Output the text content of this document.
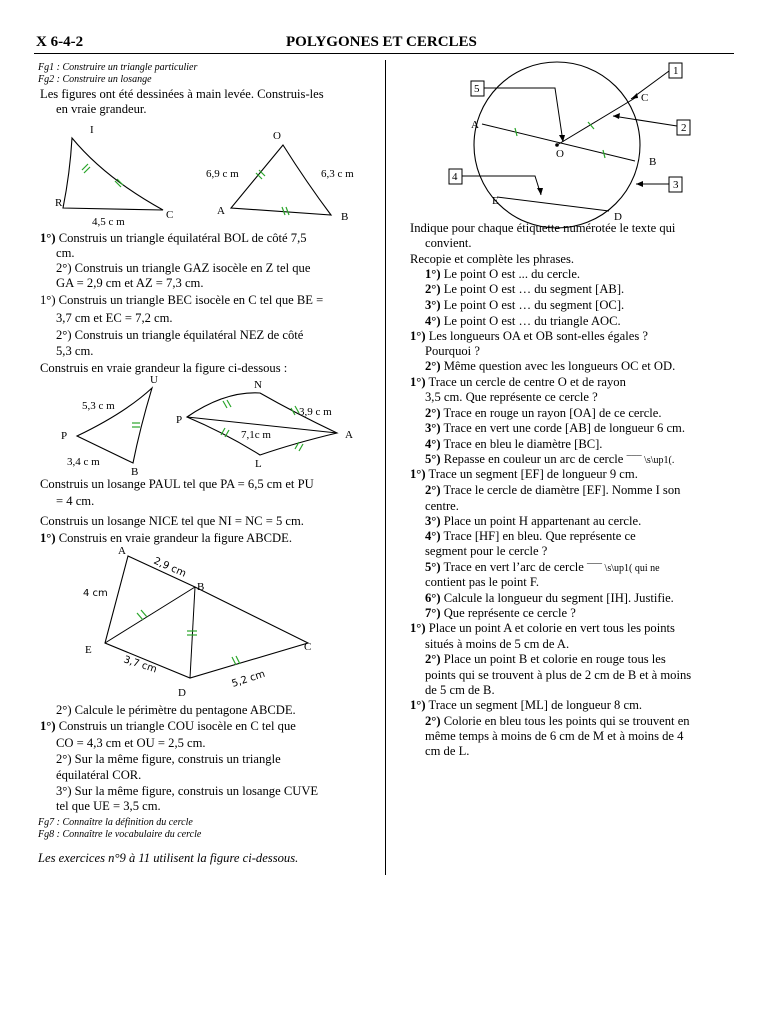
X 6-4-2	POLYGONES ET CERCLES
Fg1 : Construire un triangle particulier
Fg2 : Construire un losange
Les figures ont été dessinées à main levée. Construis-les
en vraie grandeur.
I
R
C
4,5 c m
O
A	B
6,9 c m	6,3 c m
1°) Construis un triangle équilatéral BOL de côté 7,5
cm.
2°) Construis un triangle GAZ isocèle en Z tel que
GA = 2,9 cm et AZ = 7,3 cm.
1°) Construis un triangle BEC isocèle en C tel que BE =
3,7 cm et EC = 7,2 cm.
2°) Construis un triangle équilatéral NEZ de côté
5,3 cm.
Construis en vraie grandeur la figure ci-dessous :
U
P
B
5,3 c m
3,4 c m
N
P
A
L
3,9 c m
7,1c m
Construis un losange PAUL tel que PA = 6,5 cm et PU
= 4 cm.
Construis un losange NICE tel que NI = NC = 5 cm.
1°) Construis en vraie grandeur la figure ABCDE.
A
B
C
D
E
2,9 cm
4 cm
3,7 cm
5,2 cm
2°) Calcule le périmètre du pentagone ABCDE.
1°) Construis un triangle COU isocèle en C tel que
CO = 4,3 cm et OU = 2,5 cm.
2°) Sur la même figure, construis un triangle
équilatéral COR.
3°) Sur la même figure, construis un losange CUVE
tel que UE = 3,5 cm.
Fg7 : Connaître la définition du cercle
Fg8 : Connaître le vocabulaire du cercle
Les exercices n°9 à 11 utilisent la figure ci-dessous.
1
5
2
4
3
A
B
C
D
E
O
Indique pour chaque étiquette numérotée le texte qui
convient.
Recopie et complète les phrases.
1°) Le point O est ... du cercle.
2°) Le point O est … du segment [AB].
3°) Le point O est … du segment [OC].
4°) Le point O est … du triangle AOC.
1°) Les longueurs OA et OB sont-elles égales ?
Pourquoi ?
2°) Même question avec les longueurs OC et OD.
1°) Trace un cercle de centre O et de rayon
3,5 cm. Que représente ce cercle ?
2°) Trace en rouge un rayon [OA] de ce cercle.
3°) Trace en vert une corde [AB] de longueur 6 cm.
4°) Trace en bleu le diamètre [BC].
5°) Repasse en couleur un arc de cercle ¯¯¯ \s\up1(.
1°) Trace un segment [EF] de longueur 9 cm.
2°) Trace le cercle de diamètre [EF]. Nomme I son
centre.
3°) Place un point H appartenant au cercle.
4°) Trace [HF] en bleu. Que représente ce
segment pour le cercle ?
5°) Trace en vert l’arc de cercle ¯¯¯ \s\up1( qui ne
contient pas le point F.
6°) Calcule la longueur du segment [IH]. Justifie.
7°) Que représente ce cercle ?
1°) Place un point A et colorie en vert tous les points
situés à moins de 5 cm de A.
2°) Place un point B et colorie en rouge tous les
points qui se trouvent à plus de 2 cm de B et à moins
de 5 cm de B.
1°) Trace un segment [ML] de longueur 8 cm.
2°) Colorie en bleu tous les points qui se trouvent en
même temps à moins de 6 cm de M et à moins de 4
cm de L.
